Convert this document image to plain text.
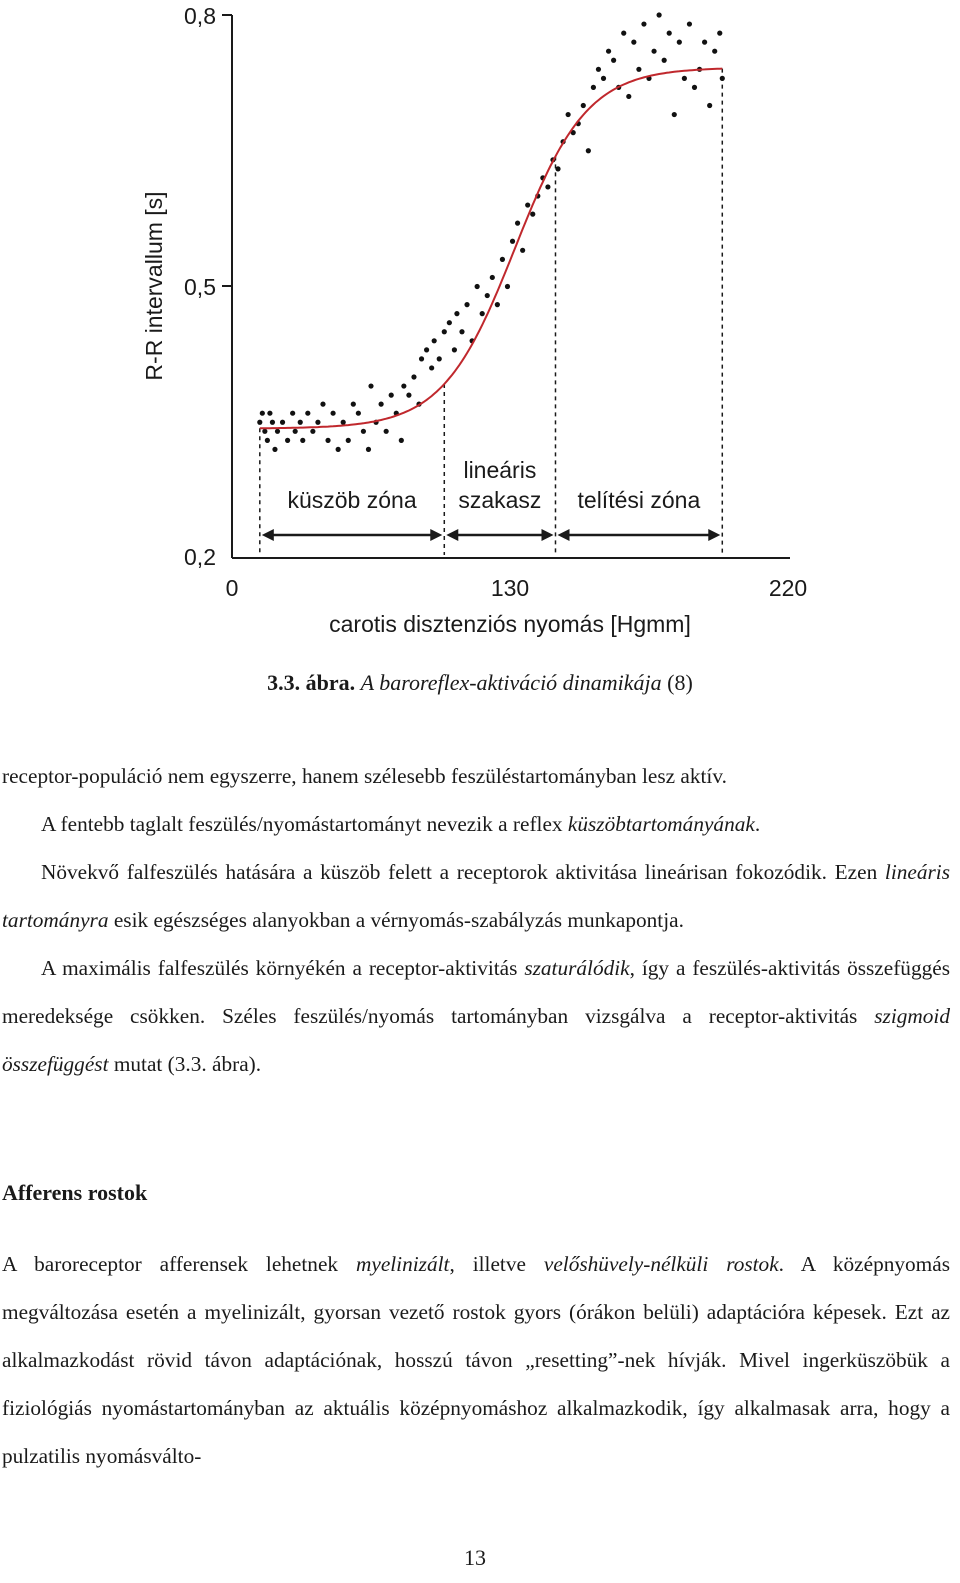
0,8
0,5
0,2
0	130	220
carotis disztenziós nyomás [Hgmm]
R-R intervallum [s]
küszöb zóna
lineáris
szakasz telítési zóna
3.3. ábra. A baroreflex-aktiváció dinamikája (8)

receptor-populáció nem egyszerre, hanem szélesebb feszüléstartományban lesz aktív.

A fentebb taglalt feszülés/nyomástartományt nevezik a reflex küszöbtartományának.

Növekvő falfeszülés hatására a küszöb felett a receptorok aktivitása lineárisan fokozódik. Ezen lineáris tartományra esik egészséges alanyokban a vérnyomás-szabályzás munkapontja.

A maximális falfeszülés környékén a receptor-aktivitás szaturálódik, így a feszülés-aktivitás összefüggés meredeksége csökken. Széles feszülés/nyomás tartományban vizsgálva a receptor-aktivitás szigmoid összefüggést mutat (3.3. ábra).

Afferens rostok

A baroreceptor afferensek lehetnek myelinizált, illetve velőshüvely-nélküli rostok. A középnyomás megváltozása esetén a myelinizált, gyorsan vezető rostok gyors (órákon belüli) adaptációra képesek. Ezt az alkalmazkodást rövid távon adaptációnak, hosszú távon „resetting”-nek hívják. Mivel ingerküszöbük a fiziológiás nyomástartományban az aktuális középnyomáshoz alkalmazkodik, így alkalmasak arra, hogy a pulzatilis nyomásválto-

13
